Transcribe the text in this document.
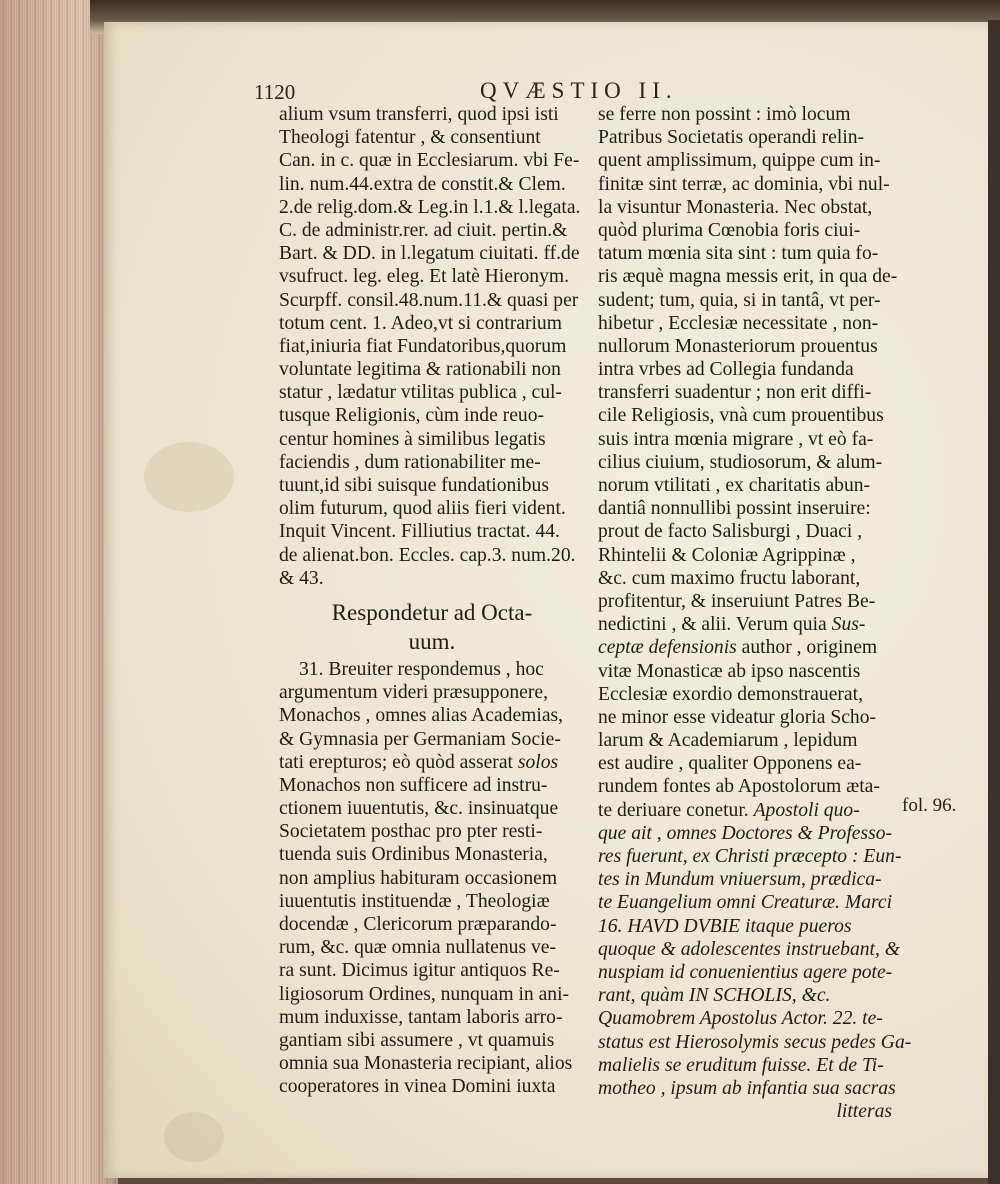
1120	QVÆSTIO II.
alium vsum transferri, quod ipsi isti
Theologi fatentur , & consentiunt
Can. in c. quæ in Ecclesiarum. vbi Fe-
lin. num.44.extra de constit.& Clem.
2.de relig.dom.& Leg.in l.1.& l.legata.
C. de administr.rer. ad ciuit. pertin.&
Bart. & DD. in l.legatum ciuitati. ff.de
vsufruct. leg. eleg. Et latè Hieronym.
Scurpff. consil.48.num.11.& quasi per
totum cent. 1. Adeo,vt si contrarium
fiat,iniuria fiat Fundatoribus,quorum
voluntate legitima & rationabili non
statur , lædatur vtilitas publica , cul-
tusque Religionis, cùm inde reuo-
centur homines à similibus legatis
faciendis , dum rationabiliter me-
tuunt,id sibi suisque fundationibus
olim futurum, quod aliis fieri vident.
Inquit Vincent. Filliutius tractat. 44.
de alienat.bon. Eccles. cap.3. num.20.
& 43.
Respondetur ad Octa-
uum.
31. Breuiter respondemus , hoc
argumentum videri præsupponere,
Monachos , omnes alias Academias,
& Gymnasia per Germaniam Socie-
tati erepturos; eò quòd asserat solos
Monachos non sufficere ad instru-
ctionem iuuentutis, &c. insinuatque
Societatem posthac pro pter resti-
tuenda suis Ordinibus Monasteria,
non amplius habituram occasionem
iuuentutis instituendæ , Theologiæ
docendæ , Clericorum præparando-
rum, &c. quæ omnia nullatenus ve-
ra sunt. Dicimus igitur antiquos Re-
ligiosorum Ordines, nunquam in ani-
mum induxisse, tantam laboris arro-
gantiam sibi assumere , vt quamuis
omnia sua Monasteria recipiant, alios
cooperatores in vinea Domini iuxta
se ferre non possint : imò locum
Patribus Societatis operandi relin-
quent amplissimum, quippe cum in-
finitæ sint terræ, ac dominia, vbi nul-
la visuntur Monasteria. Nec obstat,
quòd plurima Cœnobia foris ciui-
tatum mœnia sita sint : tum quia fo-
ris æquè magna messis erit, in qua de-
sudent; tum, quia, si in tantâ, vt per-
hibetur , Ecclesiæ necessitate , non-
nullorum Monasteriorum prouentus
intra vrbes ad Collegia fundanda
transferri suadentur ; non erit diffi-
cile Religiosis, vnà cum prouentibus
suis intra mœnia migrare , vt eò fa-
cilius ciuium, studiosorum, & alum-
norum vtilitati , ex charitatis abun-
dantiâ nonnullibi possint inseruire:
prout de facto Salisburgi , Duaci ,
Rhintelii & Coloniæ Agrippinæ ,
&c. cum maximo fructu laborant,
profitentur, & inseruiunt Patres Be-
nedictini , & alii. Verum quia Sus-
ceptæ defensionis author , originem
vitæ Monasticæ ab ipso nascentis
Ecclesiæ exordio demonstrauerat,
ne minor esse videatur gloria Scho-
larum & Academiarum , lepidum
est audire , qualiter Opponens ea-
rundem fontes ab Apostolorum æta-
te deriuare conetur. Apostoli quo-
que ait , omnes Doctores & Professo-
res fuerunt, ex Christi præcepto : Eun-
tes in Mundum vniuersum, prædica-
te Euangelium omni Creaturæ. Marci
16. HAVD DVBIE itaque pueros
quoque & adolescentes instruebant, &
nuspiam id conuenientius agere pote-
rant, quàm IN SCHOLIS, &c.
Quamobrem Apostolus Actor. 22. te-
status est Hierosolymis secus pedes Ga-
malielis se eruditum fuisse. Et de Ti-
motheo , ipsum ab infantia sua sacras
litteras
fol. 96.
